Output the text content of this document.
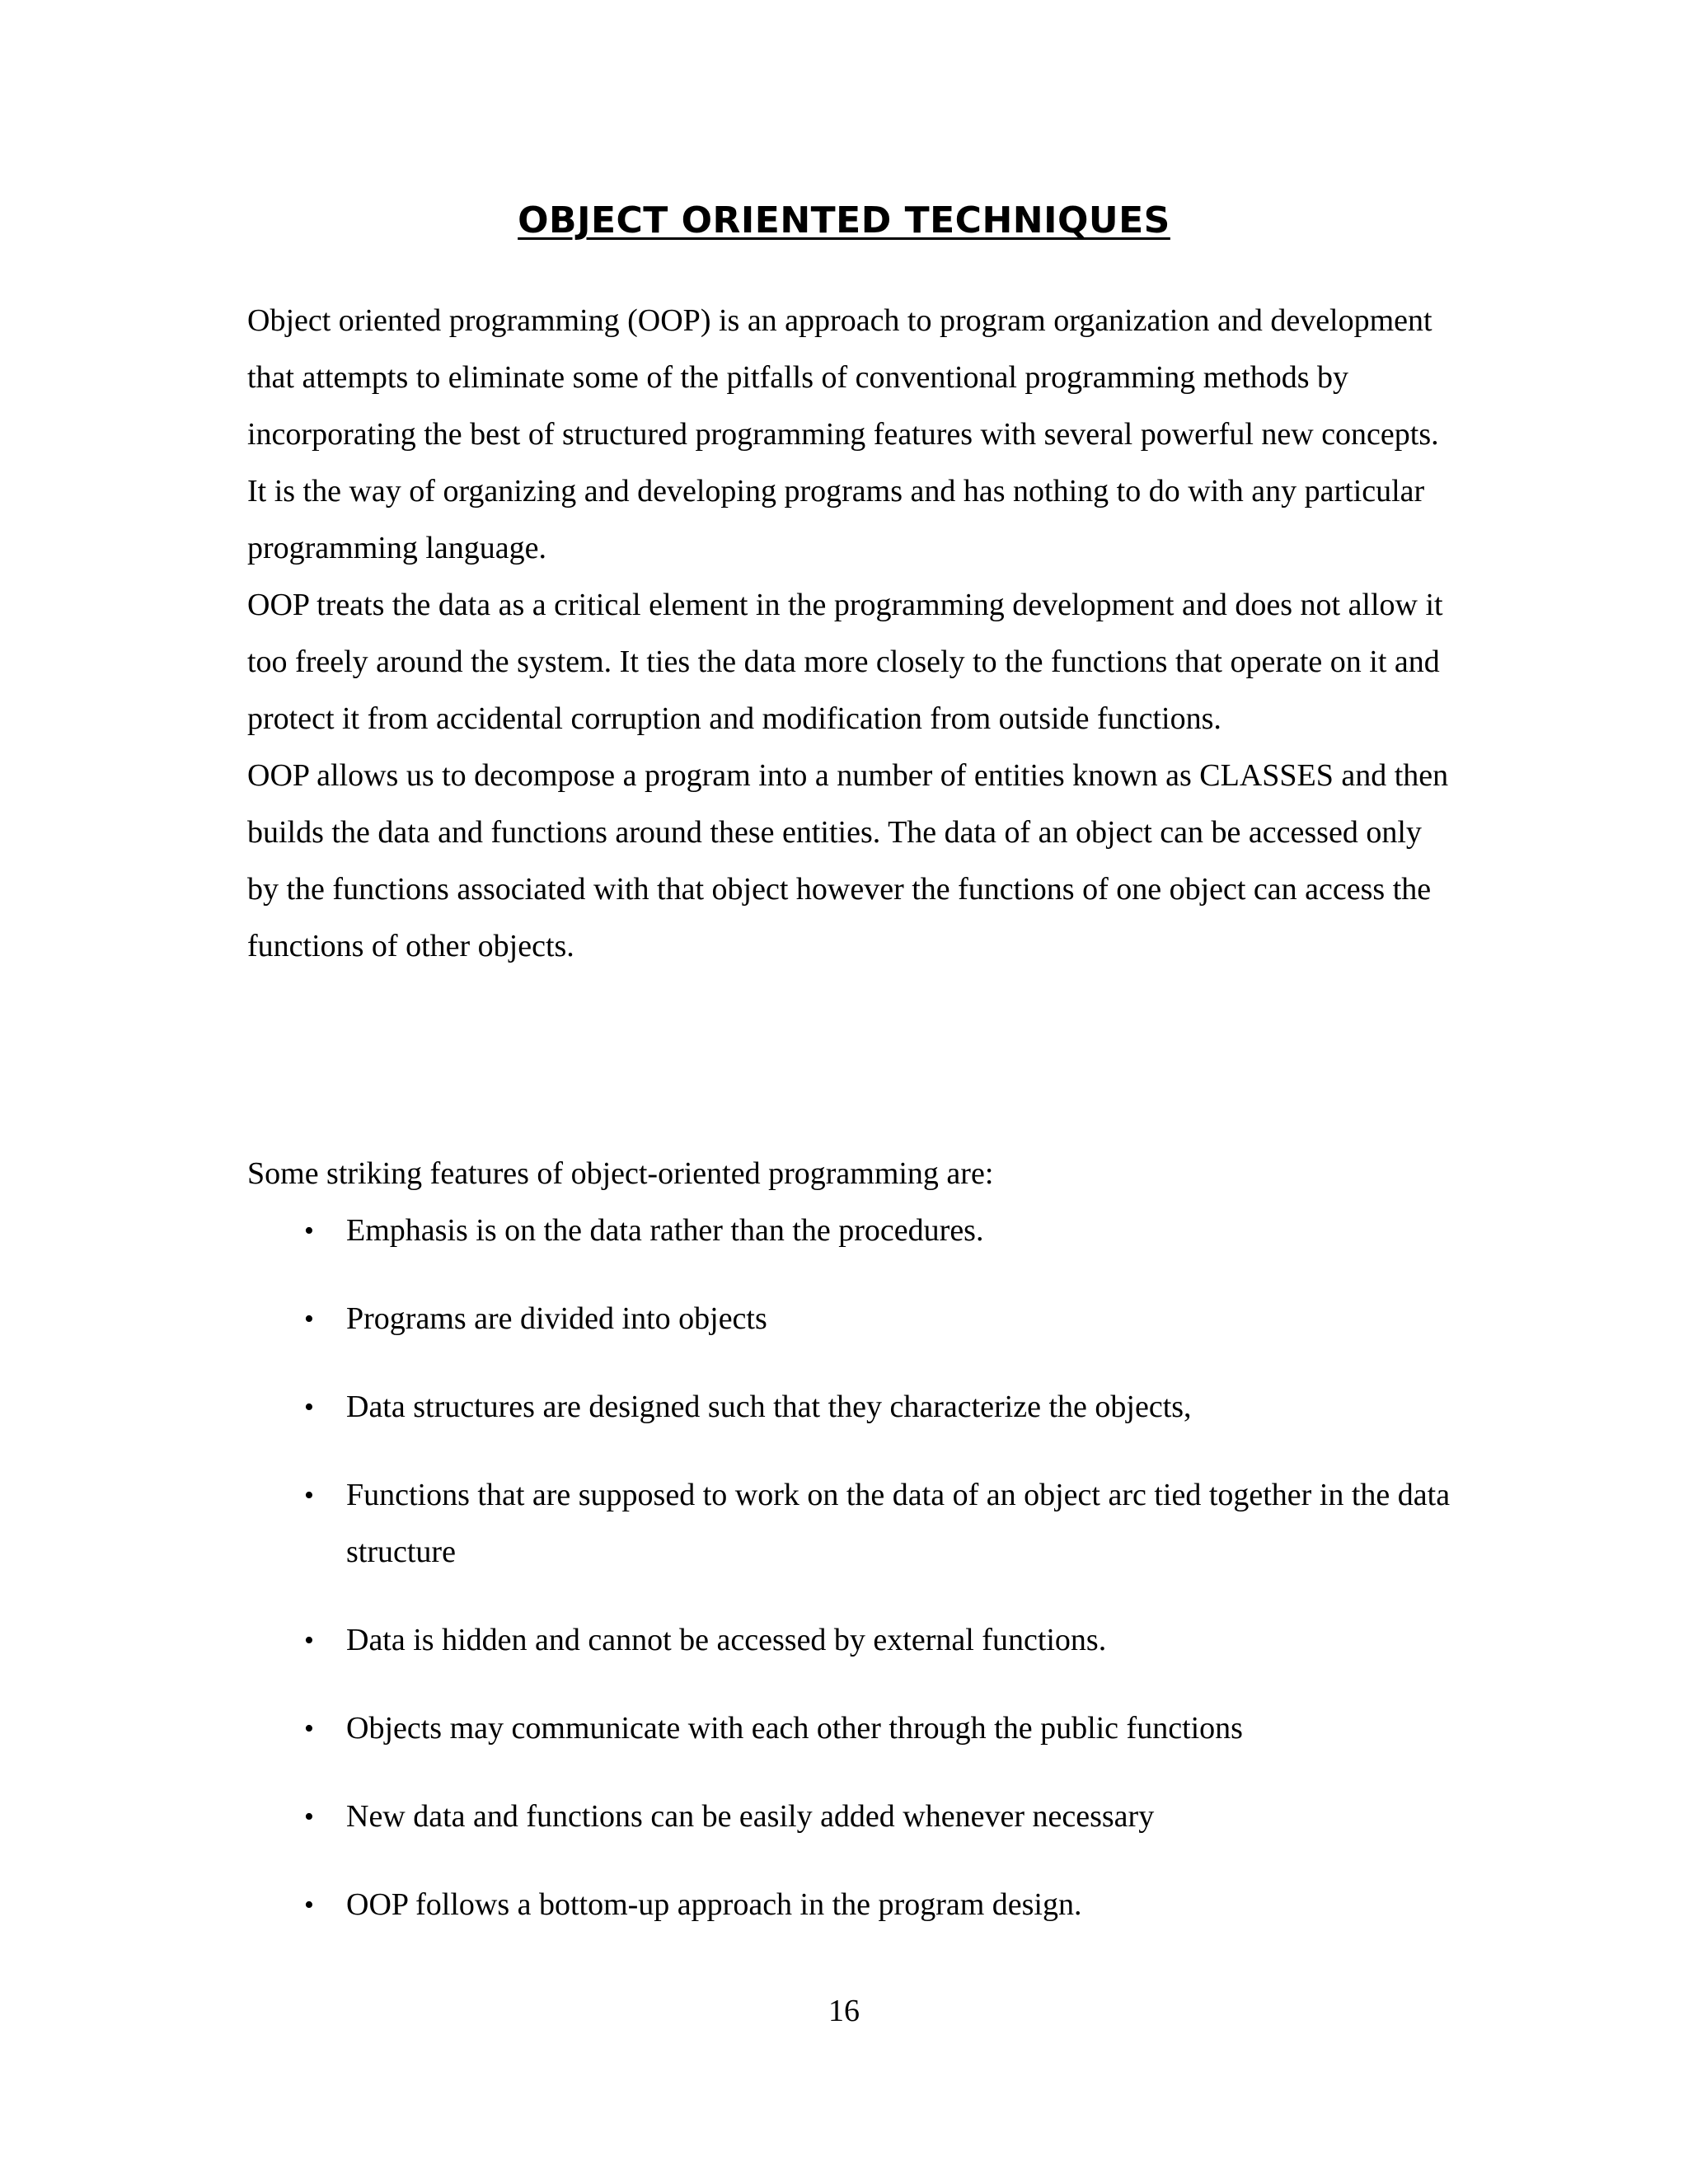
OBJECT ORIENTED TECHNIQUES

Object oriented programming (OOP) is an approach to program organization and development that attempts to eliminate some of the pitfalls of conventional programming methods by incorporating the best of structured programming features with several powerful new concepts.

It is the way of organizing and developing programs and has nothing to do with any particular programming language.

OOP treats the data as a critical element in the programming development and does not allow it too freely around the system. It ties the data more closely to the functions that operate on it and protect it from accidental corruption and modification from outside functions.

OOP allows us to decompose a program into a number of entities known as CLASSES and then builds the data and functions around these entities. The data of an object can be accessed only by the functions associated with that object however the functions of one object can access the functions of other objects.

Some striking features of object-oriented programming are:

• Emphasis is on the data rather than the procedures.
• Programs are divided into objects
• Data structures are designed such that they characterize the objects,
• Functions that are supposed to work on the data of an object arc tied together in the data structure
• Data is hidden and cannot be accessed by external functions.
• Objects may communicate with each other through the public functions
• New data and functions can be easily added whenever necessary
• OOP follows a bottom-up approach in the program design.
16
